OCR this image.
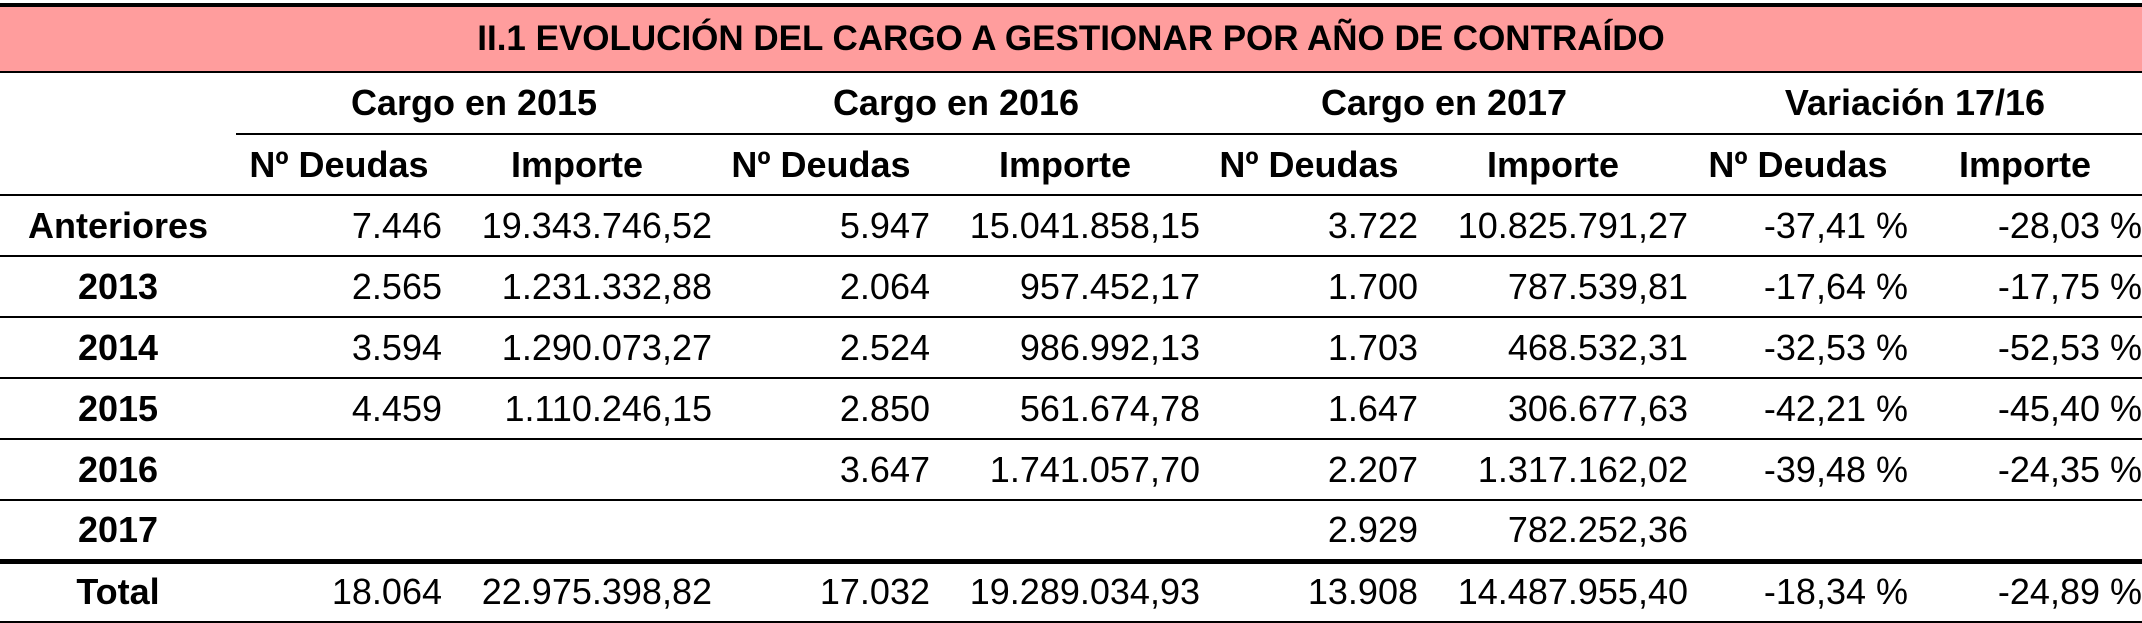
II.1 EVOLUCIÓN DEL CARGO A GESTIONAR POR AÑO DE CONTRAÍDO
	Cargo en 2015		Cargo en 2016		Cargo en 2017		Variación 17/16	
	Nº Deudas	Importe	Nº Deudas	Importe	Nº Deudas	Importe	Nº Deudas	Importe
Anteriores	7.446	19.343.746,52	5.947	15.041.858,15	3.722	10.825.791,27	-37,41 %	-28,03 %
2013	2.565	1.231.332,88	2.064	957.452,17	1.700	787.539,81	-17,64 %	-17,75 %
2014	3.594	1.290.073,27	2.524	986.992,13	1.703	468.532,31	-32,53 %	-52,53 %
2015	4.459	1.110.246,15	2.850	561.674,78	1.647	306.677,63	-42,21 %	-45,40 %
2016			3.647	1.741.057,70	2.207	1.317.162,02	-39,48 %	-24,35 %
2017					2.929	782.252,36		
Total	18.064	22.975.398,82	17.032	19.289.034,93	13.908	14.487.955,40	-18,34 %	-24,89 %
